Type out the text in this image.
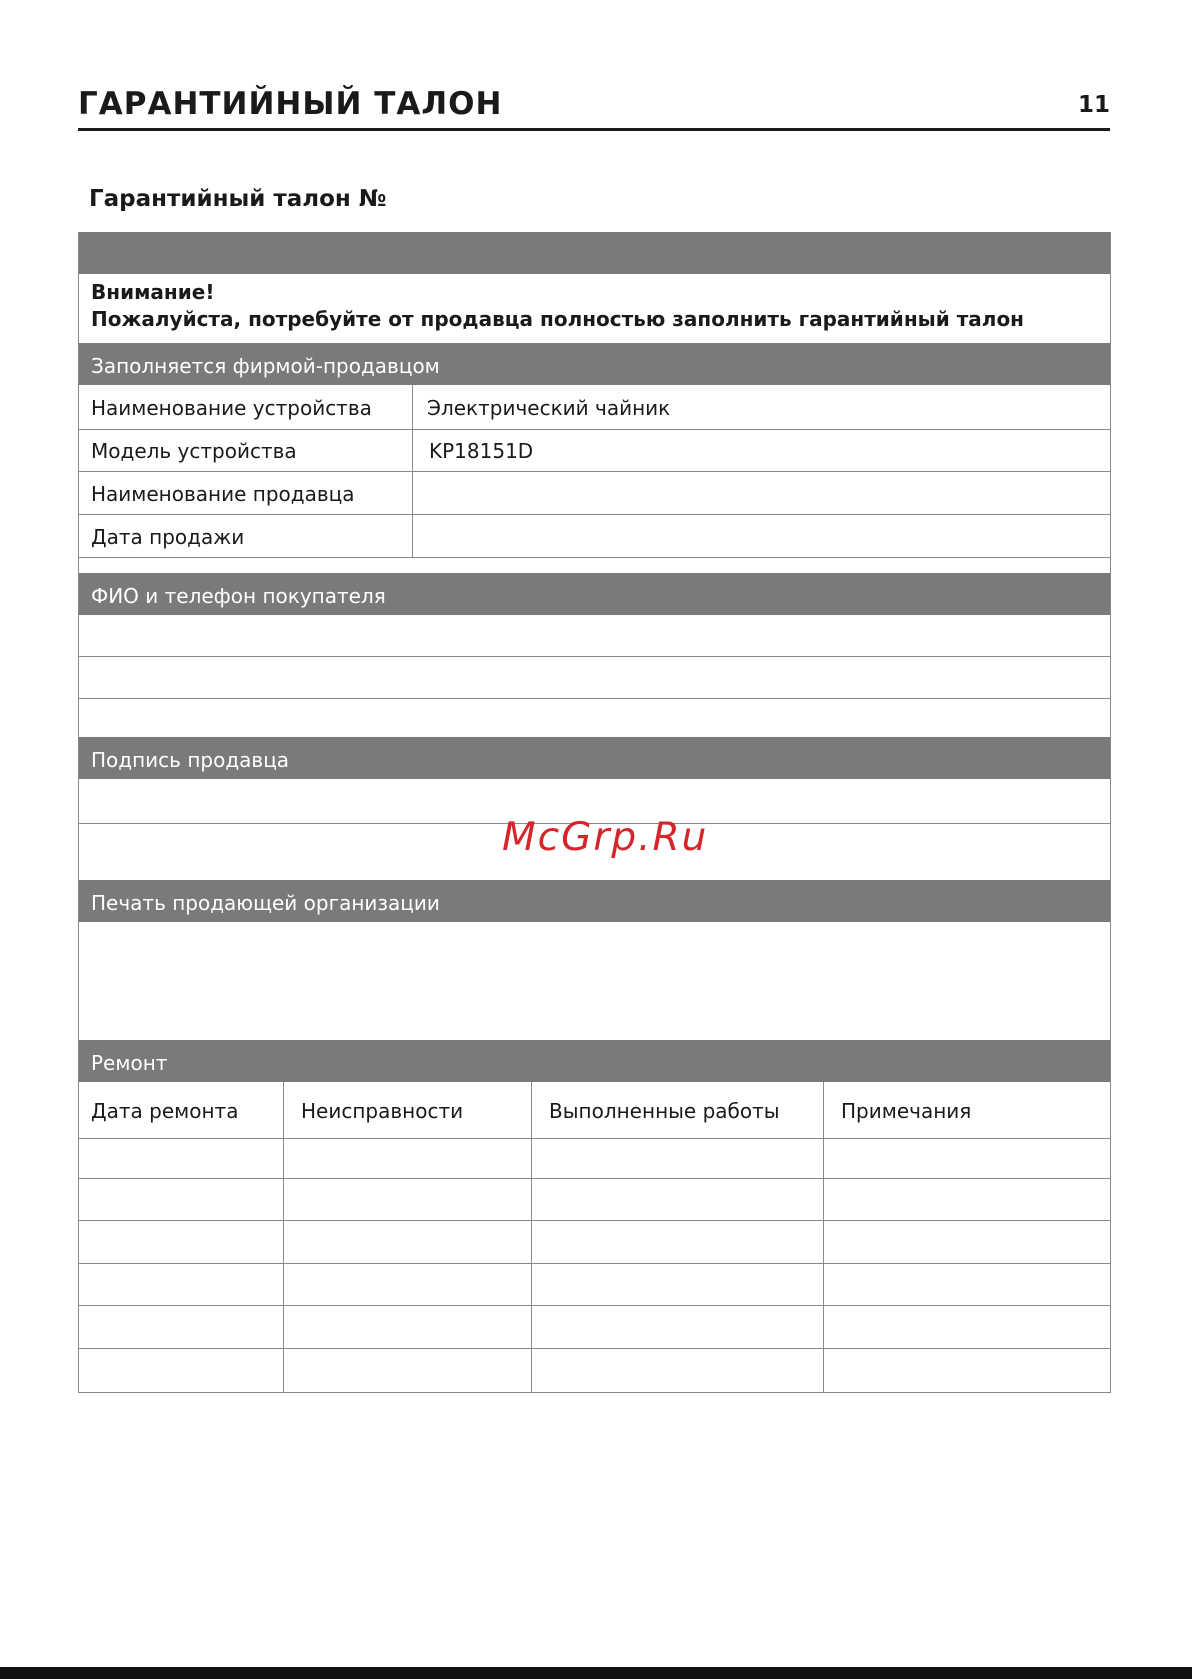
ГАРАНТИЙНЫЙ ТАЛОН	11
Гарантийный талон №
Внимание!
Пожалуйста, потребуйте от продавца полностью заполнить гарантийный талон
Заполняется фирмой-продавцом
Наименование устройства	Электрический чайник
Модель устройства	KP18151D
Наименование продавца
Дата продажи
ФИО и телефон покупателя
Подпись продавца
Печать продающей организации
Ремонт
Дата ремонта	Неисправности	Выполненные работы	Примечания
McGrp.Ru
